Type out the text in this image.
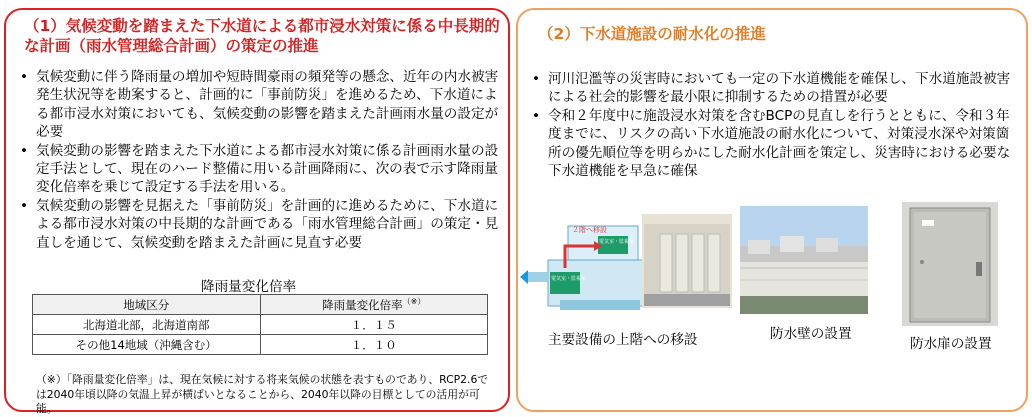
（1）気候変動を踏まえた下水道による都市浸水対策に係る中長期的な計画（雨水管理総合計画）の策定の推進
• 気候変動に伴う降雨量の増加や短時間豪雨の頻発等の懸念、近年の内水被害発生状況等を勘案すると、計画的に「事前防災」を進めるため、下水道による都市浸水対策においても、気候変動の影響を踏まえた計画雨水量の設定が必要
• 気候変動の影響を踏まえた下水道による都市浸水対策に係る計画雨水量の設定手法として、現在のハード整備に用いる計画降雨に、次の表で示す降雨量変化倍率を乗じて設定する手法を用いる。
• 気候変動の影響を見据えた「事前防災」を計画的に進めるために、下水道による都市浸水対策の中長期的な計画である「雨水管理総合計画」の策定・見直しを通じて、気候変動を踏まえた計画に見直す必要
降雨量変化倍率
地域区分	降雨量変化倍率（※）
北海道北部，北海道南部	１．１５
その他14地域（沖縄含む）	１．１０
（※）「降雨量変化倍率」は、現在気候に対する将来気候の状態を表すものであり、RCP2.6では2040年頃以降の気温上昇が横ばいとなることから、2040年以降の目標としての活用が可能。
（2）下水道施設の耐水化の推進
• 河川氾濫等の災害時においても一定の下水道機能を確保し、下水道施設被害による社会的影響を最小限に抑制するための措置が必要
• 令和２年度中に施設浸水対策を含むBCPの見直しを行うとともに、令和３年度までに、リスクの高い下水道施設の耐水化について、対策浸水深や対策箇所の優先順位等を明らかにした耐水化計画を策定し、災害時における必要な下水道機能を早急に確保
２階へ移設
電気室・監視室
電気室・監視室
主要設備の上階への移設	防水壁の設置
防水扉の設置
